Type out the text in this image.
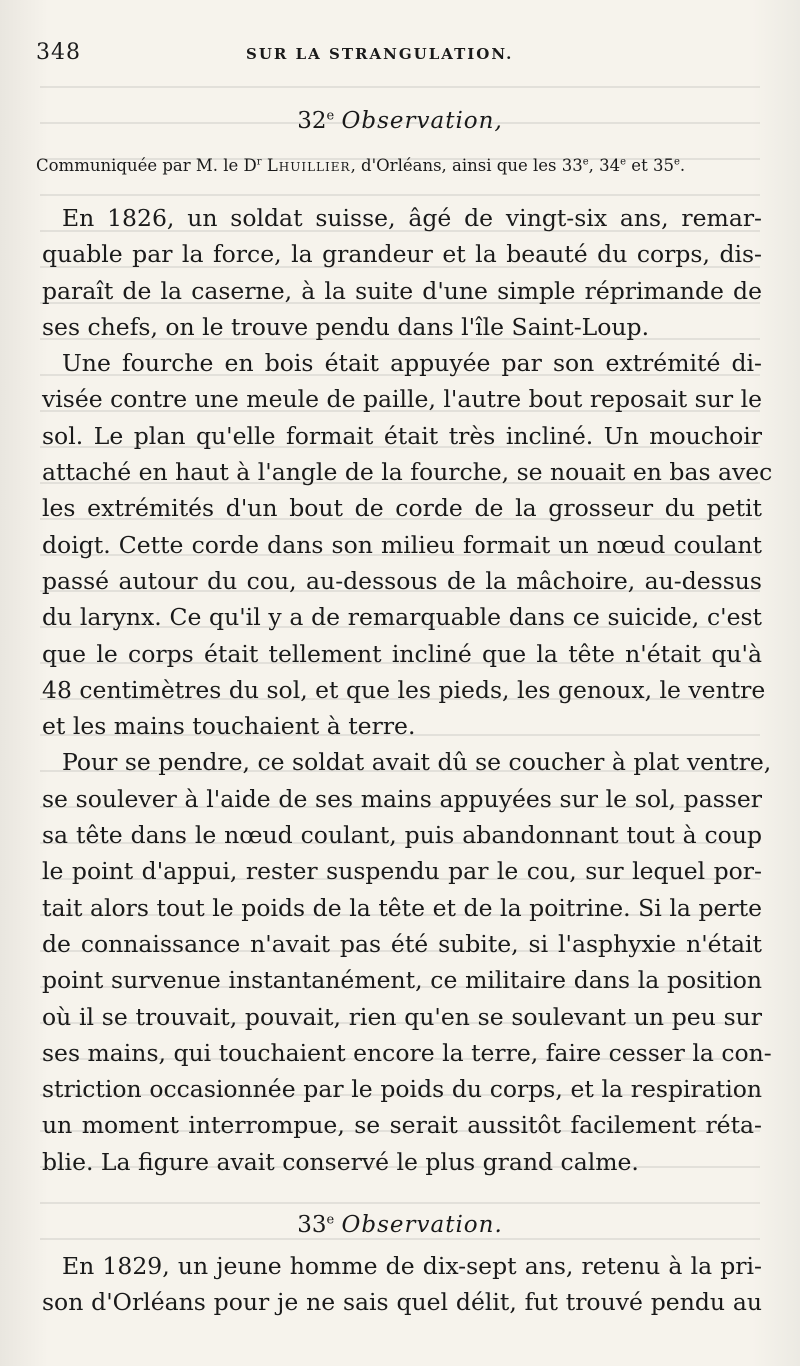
348	SUR LA STRANGULATION.
32e Observation,
Communiquée par M. le $D^r$ Lhuillier, d'Orléans, ainsi que les 33e, 34e et 35e.
En 1826, un soldat suisse, âgé de vingt-six ans, remar-
quable par la force, la grandeur et la beauté du corps, dis-
paraît de la caserne, à la suite d'une simple réprimande de
ses chefs, on le trouve pendu dans l'île Saint-Loup.
Une fourche en bois était appuyée par son extrémité di-
visée contre une meule de paille, l'autre bout reposait sur le
sol. Le plan qu'elle formait était très incliné. Un mouchoir
attaché en haut à l'angle de la fourche, se nouait en bas avec
les extrémités d'un bout de corde de la grosseur du petit
doigt. Cette corde dans son milieu formait un nœud coulant
passé autour du cou, au-dessous de la mâchoire, au-dessus
du larynx. Ce qu'il y a de remarquable dans ce suicide, c'est
que le corps était tellement incliné que la tête n'était qu'à
48 centimètres du sol, et que les pieds, les genoux, le ventre
et les mains touchaient à terre.
Pour se pendre, ce soldat avait dû se coucher à plat ventre,
se soulever à l'aide de ses mains appuyées sur le sol, passer
sa tête dans le nœud coulant, puis abandonnant tout à coup
le point d'appui, rester suspendu par le cou, sur lequel por-
tait alors tout le poids de la tête et de la poitrine. Si la perte
de connaissance n'avait pas été subite, si l'asphyxie n'était
point survenue instantanément, ce militaire dans la position
où il se trouvait, pouvait, rien qu'en se soulevant un peu sur
ses mains, qui touchaient encore la terre, faire cesser la con-
striction occasionnée par le poids du corps, et la respiration
un moment interrompue, se serait aussitôt facilement réta-
blie. La figure avait conservé le plus grand calme.
33e Observation.
En 1829, un jeune homme de dix-sept ans, retenu à la pri-
son d'Orléans pour je ne sais quel délit, fut trouvé pendu au
